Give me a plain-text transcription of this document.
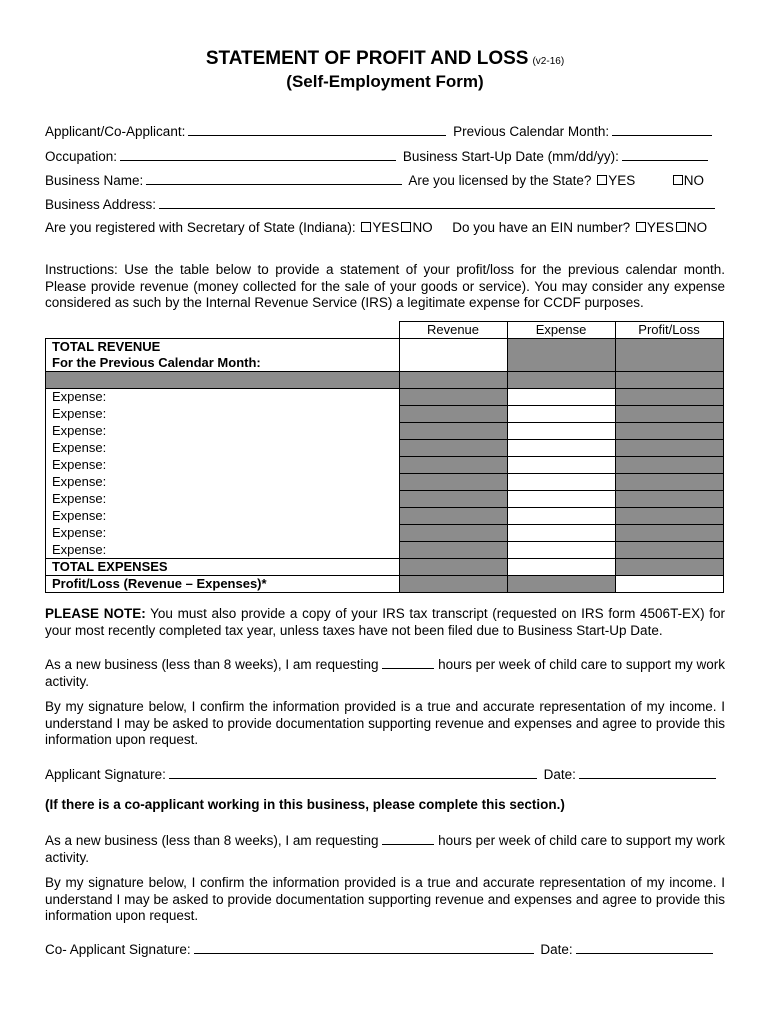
STATEMENT OF PROFIT AND LOSS (v2-16)
(Self-Employment Form)
Applicant/Co-Applicant:	Previous Calendar Month:
Occupation:	Business Start-Up Date (mm/dd/yy):
Business Name:	Are you licensed by the State? YES	NO
Business Address:
Are you registered with Secretary of State (Indiana): YES NO Do you have an EIN number? YES NO
Instructions: Use the table below to provide a statement of your profit/loss for the previous calendar month. Please provide revenue (money collected for the sale of your goods or service). You may consider any expense considered as such by the Internal Revenue Service (IRS) a legitimate expense for CCDF purposes.
	Revenue	Expense	Profit/Loss

TOTAL REVENUE
For the Previous Calendar Month:			

Expense:			
Expense:			
Expense:			
Expense:			
Expense:			
Expense:			
Expense:			
Expense:			
Expense:			
Expense:			
TOTAL EXPENSES			
Profit/Loss (Revenue – Expenses)*			
PLEASE NOTE: You must also provide a copy of your IRS tax transcript (requested on IRS form 4506T-EX) for your most recently completed tax year, unless taxes have not been filed due to Business Start-Up Date.
As a new business (less than 8 weeks), I am requesting	hours per week of child care to support my work activity.
By my signature below, I confirm the information provided is a true and accurate representation of my income. I understand I may be asked to provide documentation supporting revenue and expenses and agree to provide this information upon request.
Applicant Signature:	Date:
(If there is a co-applicant working in this business, please complete this section.)
As a new business (less than 8 weeks), I am requesting	hours per week of child care to support my work activity.
By my signature below, I confirm the information provided is a true and accurate representation of my income. I understand I may be asked to provide documentation supporting revenue and expenses and agree to provide this information upon request.
Co- Applicant Signature:	Date:
